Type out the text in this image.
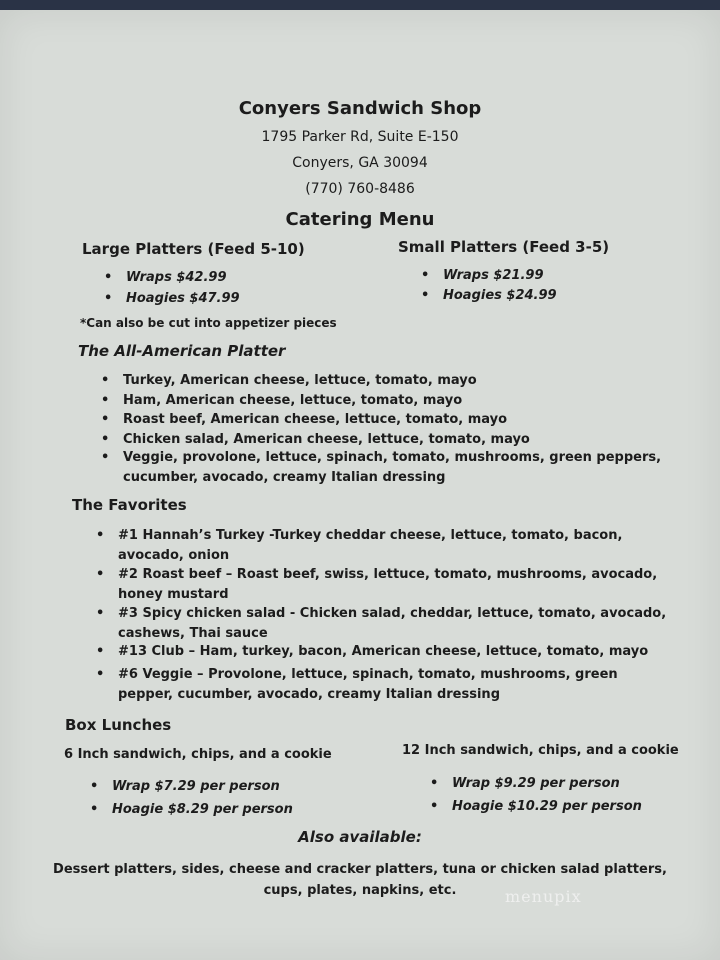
Conyers Sandwich Shop
1795 Parker Rd, Suite E-150
Conyers, GA 30094
(770) 760-8486
Catering Menu
Large Platters (Feed 5-10)
• Wraps $42.99
• Hoagies $47.99
Small Platters (Feed 3-5)
• Wraps $21.99
• Hoagies $24.99
*Can also be cut into appetizer pieces
The All-American Platter
• Turkey, American cheese, lettuce, tomato, mayo
• Ham, American cheese, lettuce, tomato, mayo
• Roast beef, American cheese, lettuce, tomato, mayo
• Chicken salad, American cheese, lettuce, tomato, mayo
• Veggie, provolone, lettuce, spinach, tomato, mushrooms, green peppers, cucumber, avocado, creamy Italian dressing
The Favorites
• #1 Hannah’s Turkey -Turkey cheddar cheese, lettuce, tomato, bacon, avocado, onion
• #2 Roast beef – Roast beef, swiss, lettuce, tomato, mushrooms, avocado, honey mustard
• #3 Spicy chicken salad - Chicken salad, cheddar, lettuce, tomato, avocado, cashews, Thai sauce
• #13 Club – Ham, turkey, bacon, American cheese, lettuce, tomato, mayo
• #6 Veggie – Provolone, lettuce, spinach, tomato, mushrooms, green pepper, cucumber, avocado, creamy Italian dressing
Box Lunches
6 Inch sandwich, chips, and a cookie
• Wrap $7.29 per person
• Hoagie $8.29 per person
12 Inch sandwich, chips, and a cookie
• Wrap $9.29 per person
• Hoagie $10.29 per person
Also available:
Dessert platters, sides, cheese and cracker platters, tuna or chicken salad platters, cups, plates, napkins, etc.	menupix
